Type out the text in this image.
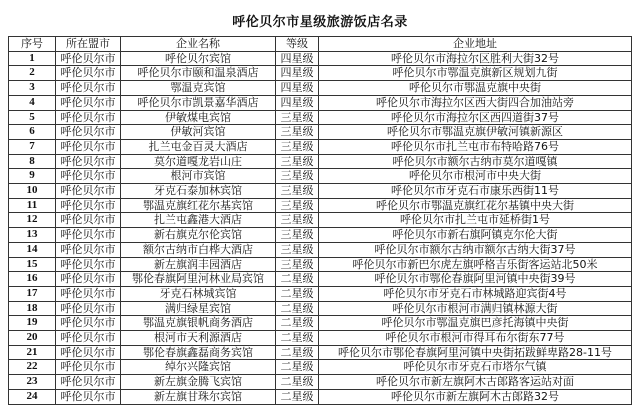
呼伦贝尔市星级旅游饭店名录
序号	所在盟市	企业名称	等级	企业地址
1	呼伦贝尔市	呼伦贝尔宾馆	四星级	呼伦贝尔市海拉尔区胜利大街32号
2	呼伦贝尔市	呼伦贝尔市颐和温泉酒店	四星级	呼伦贝尔市鄂温克旗新区规划九街
3	呼伦贝尔市	鄂温克宾馆	四星级	呼伦贝尔市鄂温克旗中央街
4	呼伦贝尔市	呼伦贝尔市凯景嘉华酒店	四星级	呼伦贝尔市海拉尔区西大街四合加油站旁
5	呼伦贝尔市	伊敏煤电宾馆	三星级	呼伦贝尔市海拉尔区西四道街37号
6	呼伦贝尔市	伊敏河宾馆	三星级	呼伦贝尔市鄂温克旗伊敏河镇新源区
7	呼伦贝尔市	扎兰屯金百灵大酒店	三星级	呼伦贝尔市扎兰屯市布特哈路76号
8	呼伦贝尔市	莫尔道嘎龙岩山庄	三星级	呼伦贝尔市额尔古纳市莫尔道嘎镇
9	呼伦贝尔市	根河市宾馆	三星级	呼伦贝尔市根河市中央大街
10	呼伦贝尔市	牙克石泰加林宾馆	三星级	呼伦贝尔市牙克石市康乐西街11号
11	呼伦贝尔市	鄂温克旗红花尔基宾馆	三星级	呼伦贝尔市鄂温克旗红花尔基镇中央大街
12	呼伦贝尔市	扎兰屯鑫港大酒店	三星级	呼伦贝尔市扎兰屯市延桥街1号
13	呼伦贝尔市	新右旗克尔伦宾馆	三星级	呼伦贝尔市新右旗阿镇克尔伦大街
14	呼伦贝尔市	额尔古纳市白桦大酒店	三星级	呼伦贝尔市额尔古纳市额尔古纳大街37号
15	呼伦贝尔市	新左旗润丰园酒店	三星级	呼伦贝尔市新巴尔虎左旗呼格吉乐街客运站北50米
16	呼伦贝尔市	鄂伦春旗阿里河林业局宾馆	二星级	呼伦贝尔市鄂伦春旗阿里河镇中央街39号
17	呼伦贝尔市	牙克石林城宾馆	二星级	呼伦贝尔市牙克石市林城路迎宾街4号
18	呼伦贝尔市	满归绿星宾馆	二星级	呼伦贝尔市根河市满归镇林源大街
19	呼伦贝尔市	鄂温克旗银帆商务酒店	二星级	呼伦贝尔市鄂温克旗巴彦托海镇中央街
20	呼伦贝尔市	根河市天利源酒店	二星级	呼伦贝尔市根河市得耳布尔街东77号
21	呼伦贝尔市	鄂伦春旗鑫磊商务宾馆	二星级	呼伦贝尔市鄂伦春旗阿里河镇中央街拓跋鲜卑路28-11号
22	呼伦贝尔市	绰尔兴隆宾馆	二星级	呼伦贝尔市牙克石市塔尔气镇
23	呼伦贝尔市	新左旗金腾飞宾馆	二星级	呼伦贝尔市新左旗阿木古郎路客运站对面
24	呼伦贝尔市	新左旗甘珠尔宾馆	二星级	呼伦贝尔市新左旗阿木古郎路32号
